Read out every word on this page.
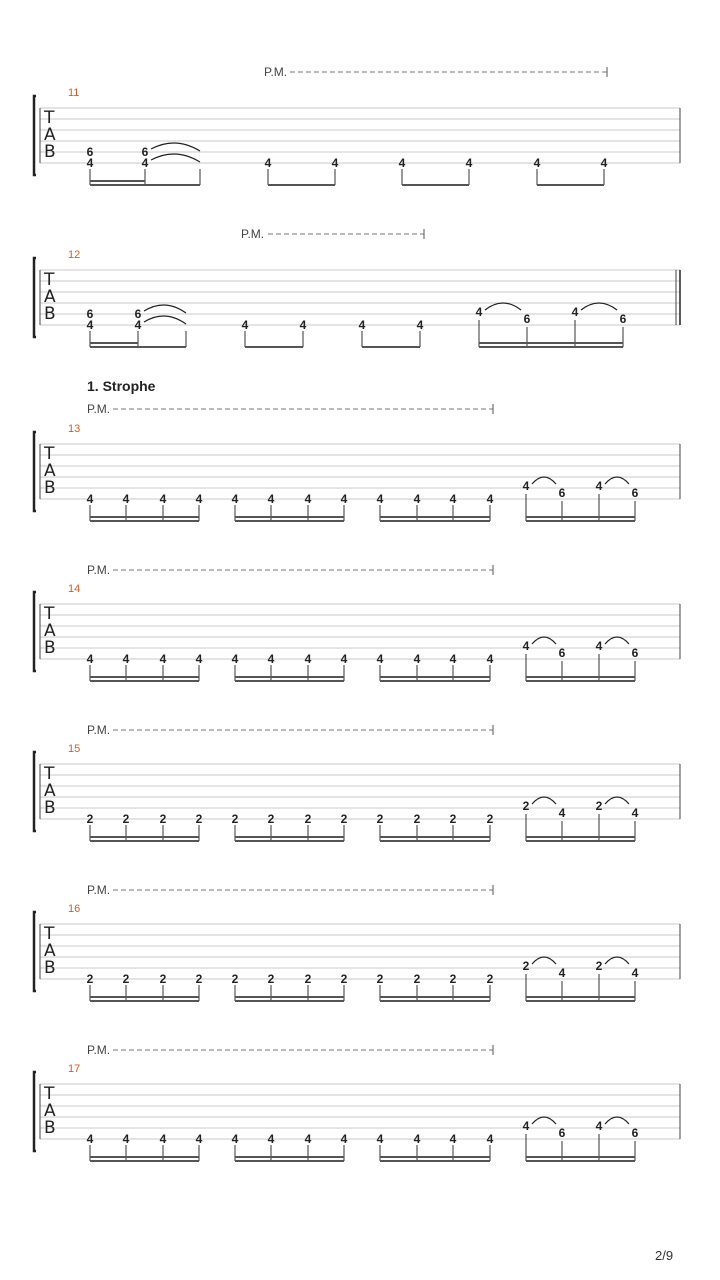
P.M.
11
T
A
B	6
4
6
4	4	4	4	4	4	4
P.M.
12
T
A
B	6
4
6
4	4	4	4	4
4	6	4	6
P.M.
1. Strophe
13
T
A
B
4 4	4 4 4 4	4 4 4	4 4	4
4 6	4 6
P.M.
14
T
A
B
4 4	4 4 4 4	4 4 4	4 4	4
4 6	4 6
P.M.
15
T
A
B
2 2	2 2 2 2	2 2 2	2 2	2
2 4	2 4
P.M.
16
T
A
B
2 2	2 2 2 2	2 2 2	2 2	2
2 4	2 4
P.M.
17
T
A
B
4 4	4 4 4 4	4 4 4	4 4	4
4 6	4 6
2/9
